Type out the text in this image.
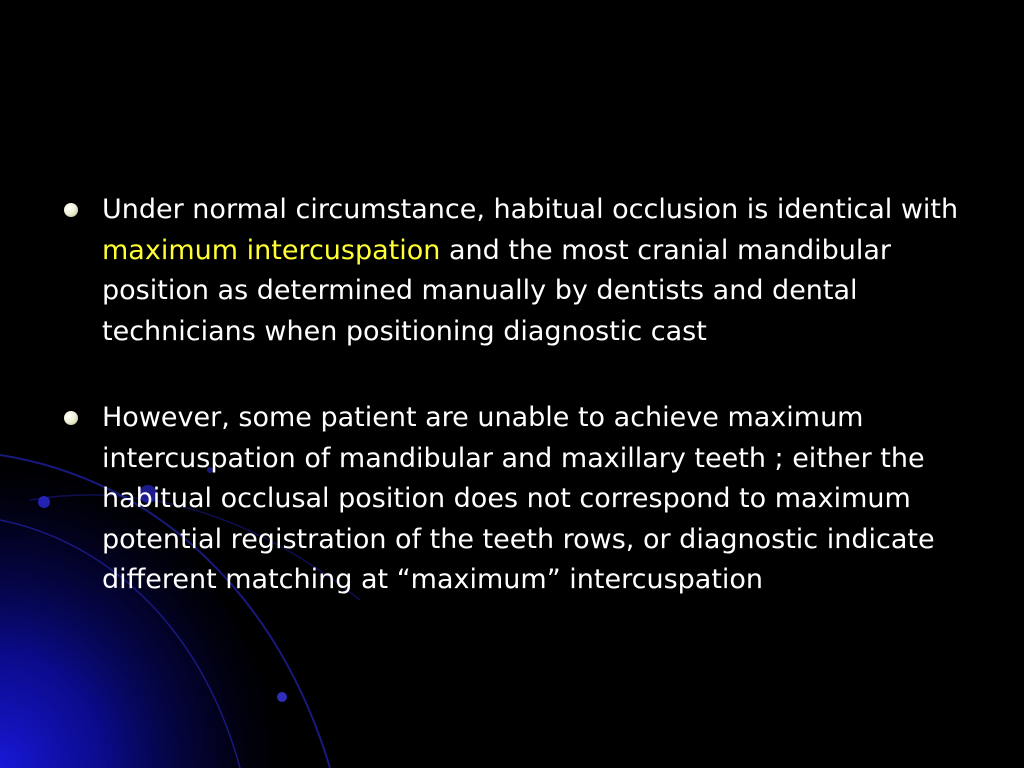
Under normal circumstance, habitual occlusion is identical with maximum intercuspation and the most cranial mandibular position as determined manually by dentists and dental technicians when positioning diagnostic cast
However, some patient are unable to achieve maximum intercuspation of mandibular and maxillary teeth ; either the habitual occlusal position does not correspond to maximum potential registration of the teeth rows, or diagnostic indicate different matching at “maximum” intercuspation
